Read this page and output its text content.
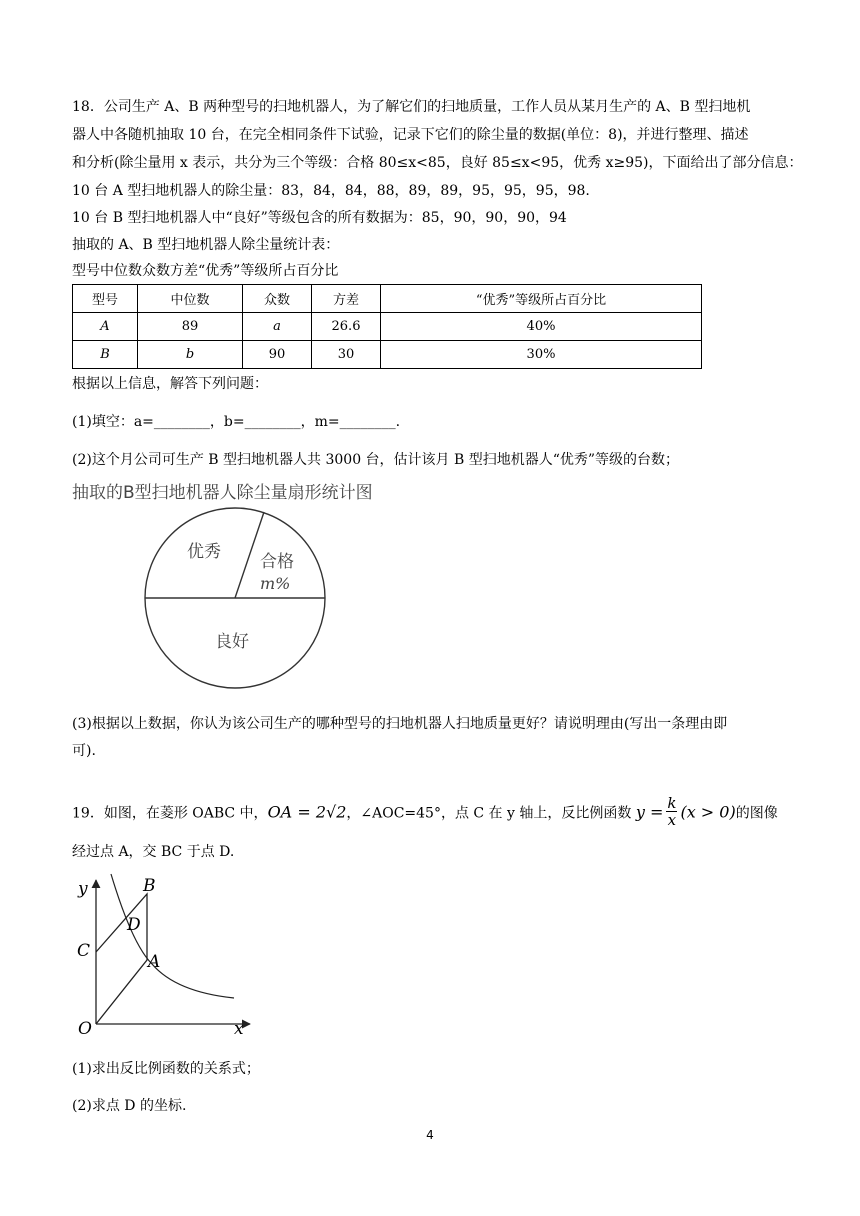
18．公司生产 A、B 两种型号的扫地机器人，为了解它们的扫地质量，工作人员从某月生产的 A、B 型扫地机
器人中各随机抽取 10 台，在完全相同条件下试验，记录下它们的除尘量的数据(单位：8)，并进行整理、描述
和分析(除尘量用 x 表示，共分为三个等级：合格 80≤x<85，良好 85≤x<95，优秀 x≥95)，下面给出了部分信息：
10 台 A 型扫地机器人的除尘量：83，84，84，88，89，89，95，95，95，98.
10 台 B 型扫地机器人中“良好”等级包含的所有数据为：85，90，90，90，94
抽取的 A、B 型扫地机器人除尘量统计表：
型号中位数众数方差“优秀”等级所占百分比
型号	中位数	众数	方差	“优秀”等级所占百分比
A	89	a	26.6	40%
B	b	90	30	30%
根据以上信息，解答下列问题：
(1)填空：a=________，b=________，m=________.
(2)这个月公司可生产 B 型扫地机器人共 3000 台，估计该月 B 型扫地机器人“优秀”等级的台数；
抽取的B型扫地机器人除尘量扇形统计图
优秀 合格
m%
良好
(3)根据以上数据，你认为该公司生产的哪种型号的扫地机器人扫地质量更好？请说明理由(写出一条理由即
可).
19．如图，在菱形 OABC 中，OA = 2√2，∠AOC=45°，点 C 在 y 轴上，反比例函数 $y = \frac{k}{x} (x > 0)$的图像
经过点 A，交 BC 于点 D.
y
x
O
A
B
C
D
(1)求出反比例函数的关系式；
(2)求点 D 的坐标.
4
